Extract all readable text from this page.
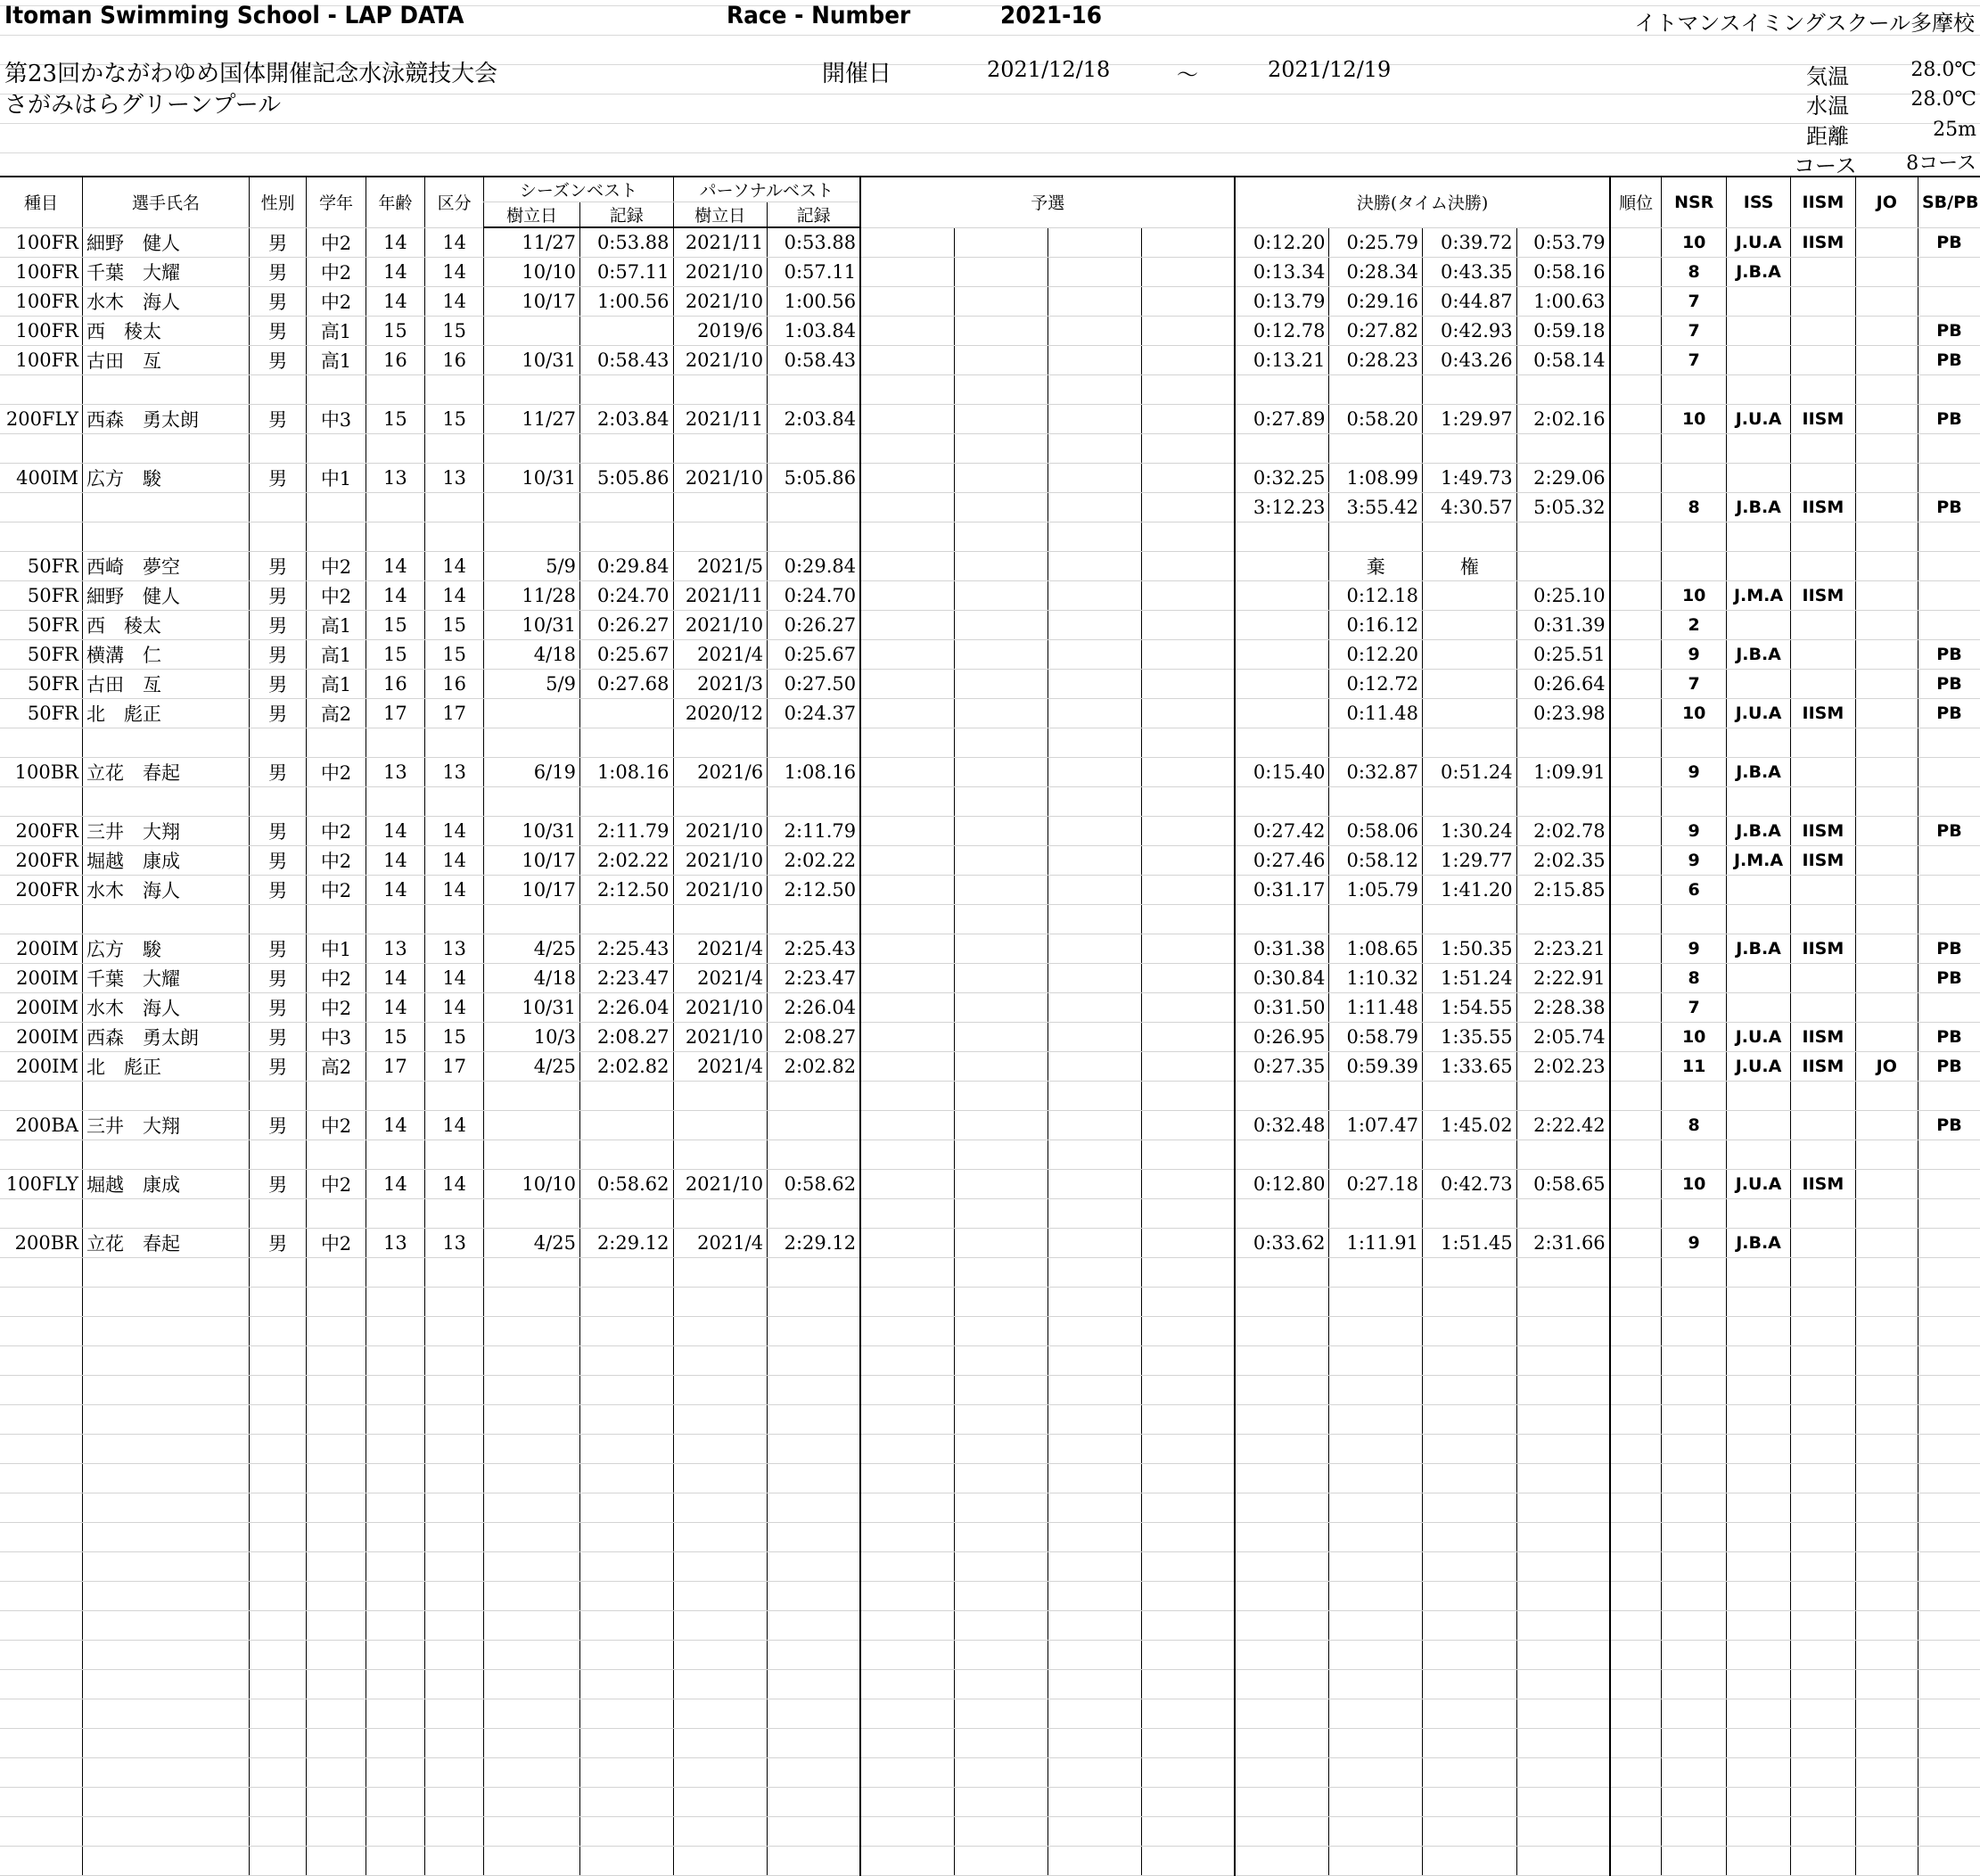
Itoman Swimming School - LAP DATA	Race - Number	2021-16	イトマンスイミングスクール多摩校
第23回かながわゆめ国体開催記念水泳競技大会
さがみはらグリーンプール
開催日	2021/12/18	～	2021/12/19	気温	28.0℃
水温	28.0℃
距離	25m
コース	8コース
種目	選手氏名	性別	学年	年齢	区分	シーズンベスト		パーソナルベスト		予選				決勝(タイム決勝)				順位	NSR	ISS	IISM	JO	SB/PB
						樹立日	記録	樹立日	記録														
100FR	細野　健人	男	中2	14	14	11/27	0:53.88	2021/11	0:53.88					0:12.20	0:25.79	0:39.72	0:53.79		10	J.U.A	IISM		PB
100FR	千葉　大耀	男	中2	14	14	10/10	0:57.11	2021/10	0:57.11					0:13.34	0:28.34	0:43.35	0:58.16		8	J.B.A			
100FR	水木　海人	男	中2	14	14	10/17	1:00.56	2021/10	1:00.56					0:13.79	0:29.16	0:44.87	1:00.63		7				
100FR	西　稜太	男	高1	15	15			2019/6	1:03.84					0:12.78	0:27.82	0:42.93	0:59.18		7				PB
100FR	古田　亙	男	高1	16	16	10/31	0:58.43	2021/10	0:58.43					0:13.21	0:28.23	0:43.26	0:58.14		7				PB

200FLY	西森　勇太朗	男	中3	15	15	11/27	2:03.84	2021/11	2:03.84					0:27.89	0:58.20	1:29.97	2:02.16		10	J.U.A	IISM		PB

400IM	広方　駿	男	中1	13	13	10/31	5:05.86	2021/10	5:05.86					0:32.25	1:08.99	1:49.73	2:29.06						
														3:12.23	3:55.42	4:30.57	5:05.32		8	J.B.A	IISM		PB

50FR	西崎　夢空	男	中2	14	14	5/9	0:29.84	2021/5	0:29.84						棄	権							
50FR	細野　健人	男	中2	14	14	11/28	0:24.70	2021/11	0:24.70						0:12.18		0:25.10		10	J.M.A	IISM		
50FR	西　稜太	男	高1	15	15	10/31	0:26.27	2021/10	0:26.27						0:16.12		0:31.39		2				
50FR	横溝　仁	男	高1	15	15	4/18	0:25.67	2021/4	0:25.67						0:12.20		0:25.51		9	J.B.A			PB
50FR	古田　亙	男	高1	16	16	5/9	0:27.68	2021/3	0:27.50						0:12.72		0:26.64		7				PB
50FR	北　彪正	男	高2	17	17			2020/12	0:24.37						0:11.48		0:23.98		10	J.U.A	IISM		PB

100BR	立花　春起	男	中2	13	13	6/19	1:08.16	2021/6	1:08.16					0:15.40	0:32.87	0:51.24	1:09.91		9	J.B.A			

200FR	三井　大翔	男	中2	14	14	10/31	2:11.79	2021/10	2:11.79					0:27.42	0:58.06	1:30.24	2:02.78		9	J.B.A	IISM		PB
200FR	堀越　康成	男	中2	14	14	10/17	2:02.22	2021/10	2:02.22					0:27.46	0:58.12	1:29.77	2:02.35		9	J.M.A	IISM		
200FR	水木　海人	男	中2	14	14	10/17	2:12.50	2021/10	2:12.50					0:31.17	1:05.79	1:41.20	2:15.85		6				

200IM	広方　駿	男	中1	13	13	4/25	2:25.43	2021/4	2:25.43					0:31.38	1:08.65	1:50.35	2:23.21		9	J.B.A	IISM		PB
200IM	千葉　大耀	男	中2	14	14	4/18	2:23.47	2021/4	2:23.47					0:30.84	1:10.32	1:51.24	2:22.91		8				PB
200IM	水木　海人	男	中2	14	14	10/31	2:26.04	2021/10	2:26.04					0:31.50	1:11.48	1:54.55	2:28.38		7				
200IM	西森　勇太朗	男	中3	15	15	10/3	2:08.27	2021/10	2:08.27					0:26.95	0:58.79	1:35.55	2:05.74		10	J.U.A	IISM		PB
200IM	北　彪正	男	高2	17	17	4/25	2:02.82	2021/4	2:02.82					0:27.35	0:59.39	1:33.65	2:02.23		11	J.U.A	IISM	JO	PB

200BA	三井　大翔	男	中2	14	14									0:32.48	1:07.47	1:45.02	2:22.42		8				PB

100FLY	堀越　康成	男	中2	14	14	10/10	0:58.62	2021/10	0:58.62					0:12.80	0:27.18	0:42.73	0:58.65		10	J.U.A	IISM		

200BR	立花　春起	男	中2	13	13	4/25	2:29.12	2021/4	2:29.12					0:33.62	1:11.91	1:51.45	2:31.66		9	J.B.A			
